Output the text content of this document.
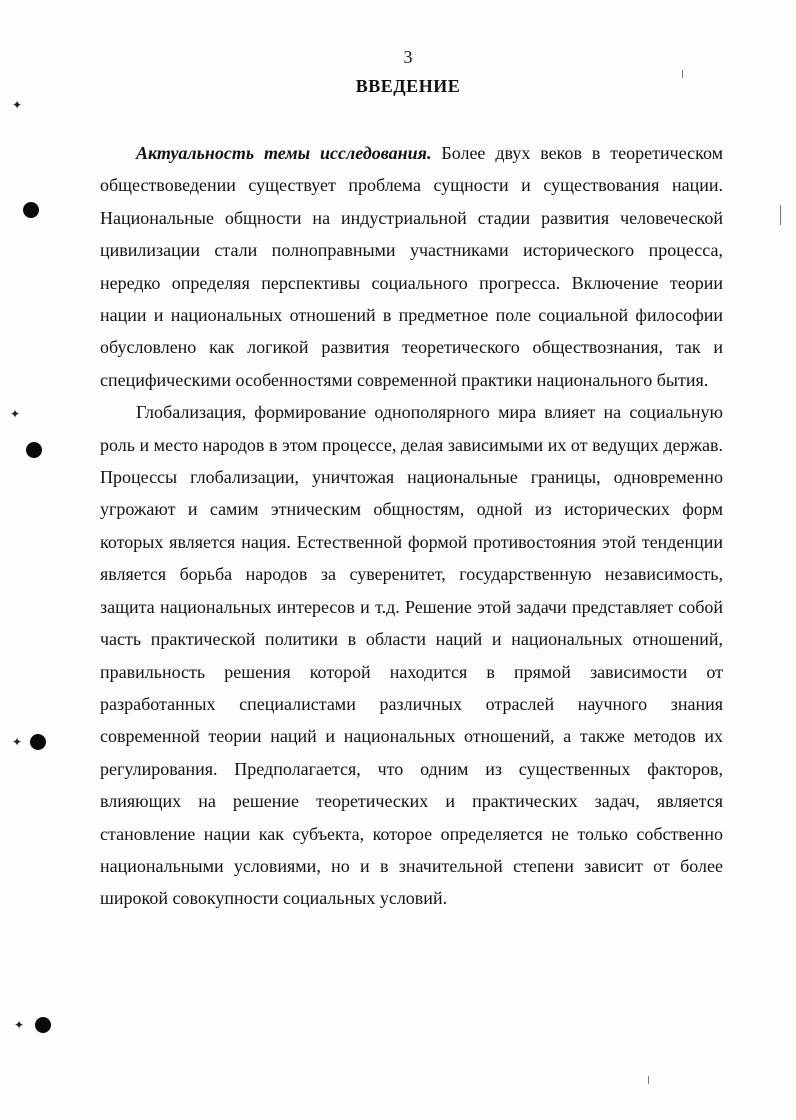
3
ВВЕДЕНИЕ

Актуальность темы исследования. Более двух веков в теоретическом обществоведении существует проблема сущности и существования нации. Национальные общности на индустриальной стадии развития человеческой цивилизации стали полноправными участниками исторического процесса, нередко определяя перспективы социального прогресса. Включение теории нации и национальных отношений в предметное поле социальной философии обусловлено как логикой развития теоретического обществознания, так и специфическими особенностями современной практики национального бытия.

Глобализация, формирование однополярного мира влияет на социальную роль и место народов в этом процессе, делая зависимыми их от ведущих держав. Процессы глобализации, уничтожая национальные границы, одновременно угрожают и самим этническим общностям, одной из исторических форм которых является нация. Естественной формой противостояния этой тенденции является борьба народов за суверенитет, государственную независимость, защита национальных интересов и т.д. Решение этой задачи представляет собой часть практической политики в области наций и национальных отношений, правильность решения которой находится в прямой зависимости от разработанных специалистами различных отраслей научного знания современной теории наций и национальных отношений, а также методов их регулирования. Предполагается, что одним из существенных факторов, влияющих на решение теоретических и практических задач, является становление нации как субъекта, которое определяется не только собственно национальными условиями, но и в значительной степени зависит от более широкой совокупности социальных условий.

✦
✦
✦
✦
